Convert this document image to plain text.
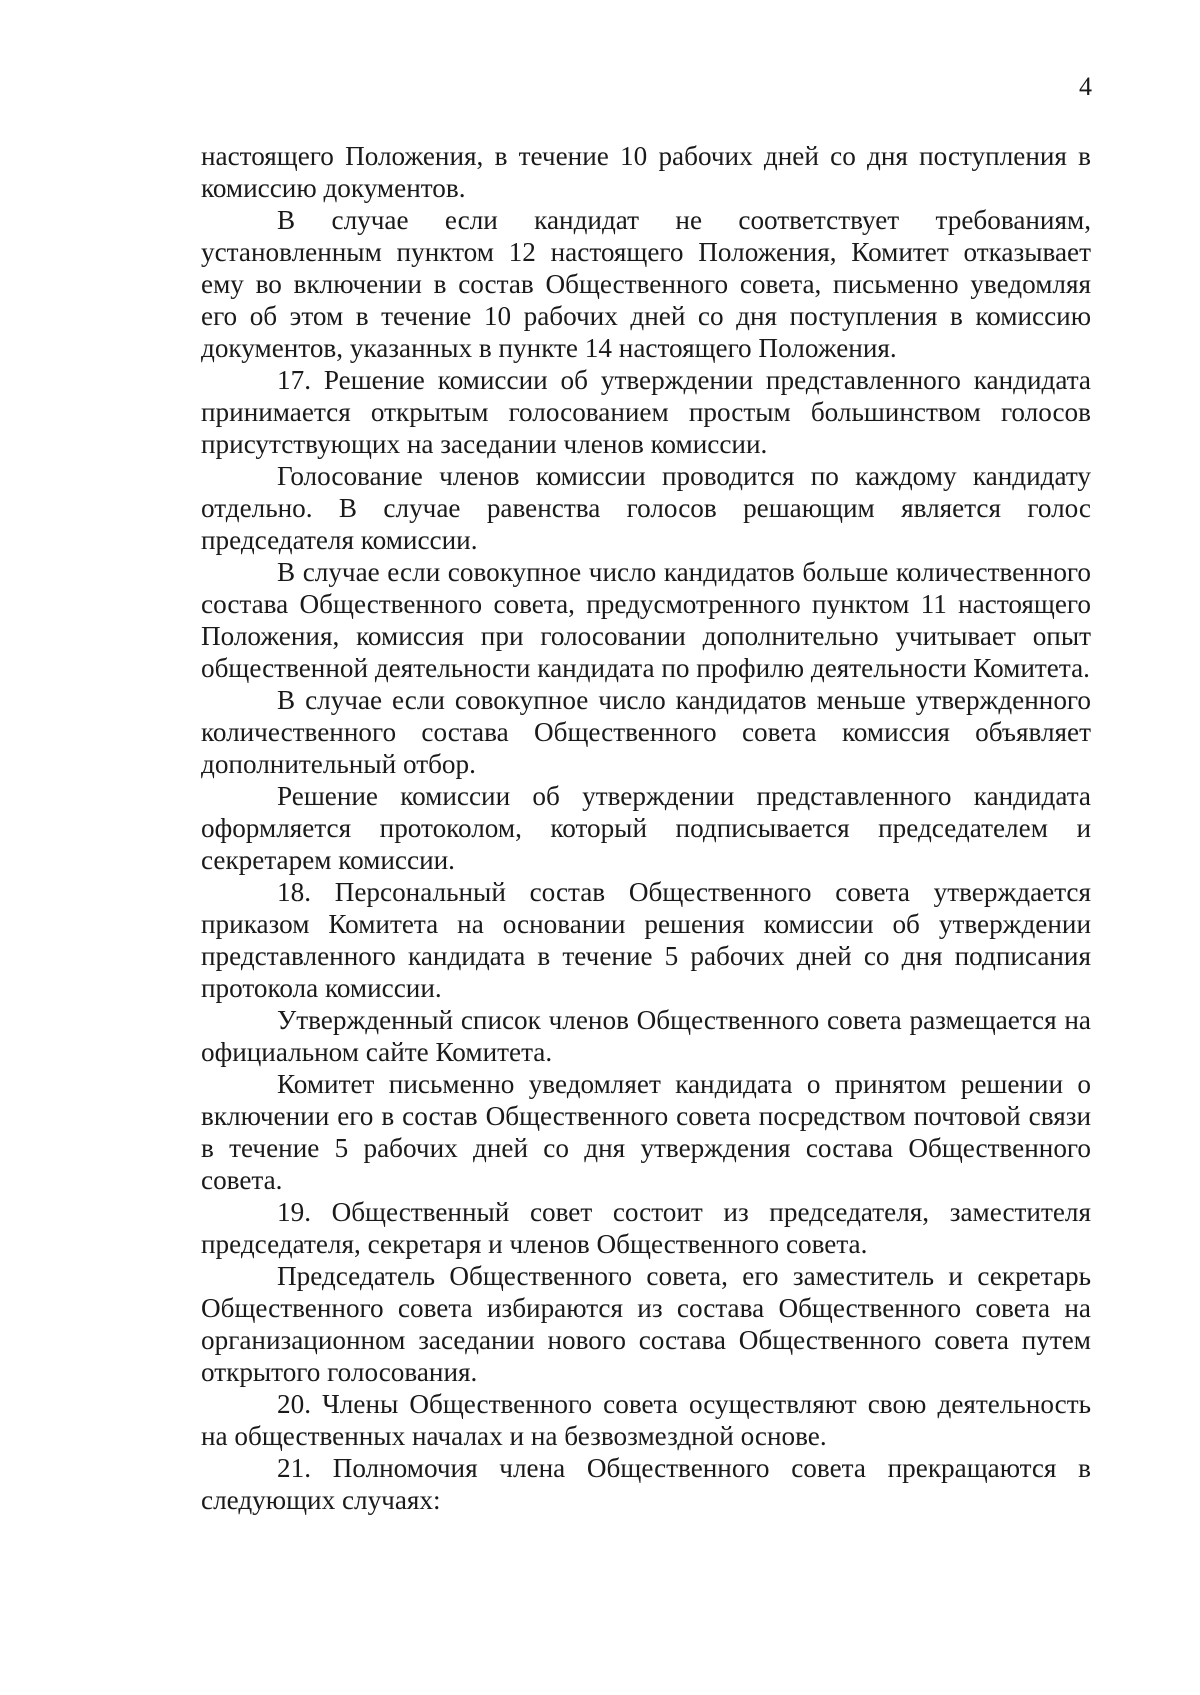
4

настоящего Положения, в течение 10 рабочих дней со дня поступления в комиссию документов.

В случае если кандидат не соответствует требованиям, установленным пунктом 12 настоящего Положения, Комитет отказывает ему во включении в состав Общественного совета, письменно уведомляя его об этом в течение 10 рабочих дней со дня поступления в комиссию документов, указанных в пункте 14 настоящего Положения.

17. Решение комиссии об утверждении представленного кандидата принимается открытым голосованием простым большинством голосов присутствующих на заседании членов комиссии.

Голосование членов комиссии проводится по каждому кандидату отдельно. В случае равенства голосов решающим является голос председателя комиссии.

В случае если совокупное число кандидатов больше количественного состава Общественного совета, предусмотренного пунктом 11 настоящего Положения, комиссия при голосовании дополнительно учитывает опыт общественной деятельности кандидата по профилю деятельности Комитета.

В случае если совокупное число кандидатов меньше утвержденного количественного состава Общественного совета комиссия объявляет дополнительный отбор.

Решение комиссии об утверждении представленного кандидата оформляется протоколом, который подписывается председателем и секретарем комиссии.

18. Персональный состав Общественного совета утверждается приказом Комитета на основании решения комиссии об утверждении представленного кандидата в течение 5 рабочих дней со дня подписания протокола комиссии.

Утвержденный список членов Общественного совета размещается на официальном сайте Комитета.

Комитет письменно уведомляет кандидата о принятом решении о включении его в состав Общественного совета посредством почтовой связи в течение 5 рабочих дней со дня утверждения состава Общественного совета.

19. Общественный совет состоит из председателя, заместителя председателя, секретаря и членов Общественного совета.

Председатель Общественного совета, его заместитель и секретарь Общественного совета избираются из состава Общественного совета на организационном заседании нового состава Общественного совета путем открытого голосования.

20. Члены Общественного совета осуществляют свою деятельность на общественных началах и на безвозмездной основе.

21. Полномочия члена Общественного совета прекращаются в следующих случаях:
